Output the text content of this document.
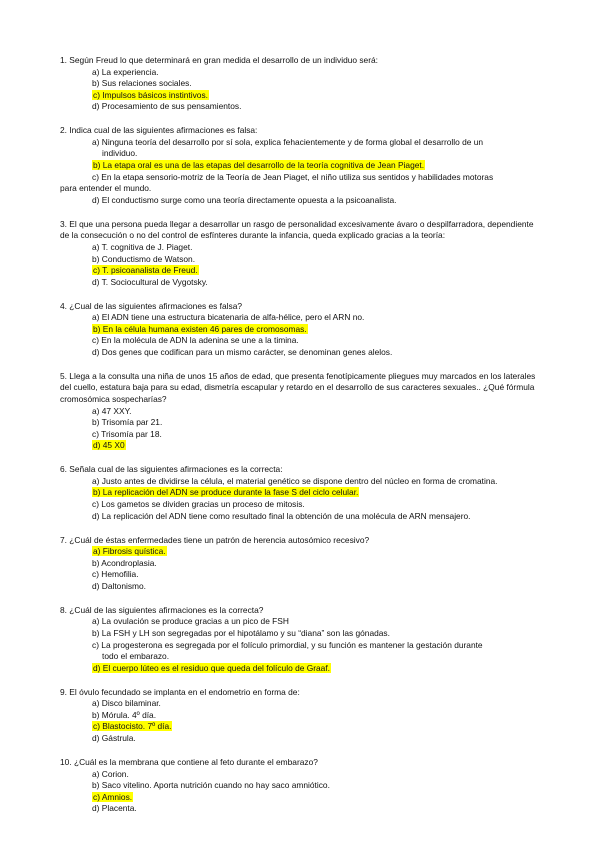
1. Según Freud lo que determinará en gran medida el desarrollo de un individuo será:

a) La experiencia.

b) Sus relaciones sociales.

c) Impulsos básicos instintivos.

d) Procesamiento de sus pensamientos.

2. Indica cual de las siguientes afirmaciones es falsa:

a) Ninguna teoría del desarrollo por sí sola, explica fehacientemente y de forma global el desarrollo de un

individuo.

b) La etapa oral es una de las etapas del desarrollo de la teoría cognitiva de Jean Piaget.

c) En la etapa sensorio-motriz de la Teoría de Jean Piaget, el niño utiliza sus sentidos y habilidades motoras

para entender el mundo.

d) El conductismo surge como una teoría directamente opuesta a la psicoanalista.

3. El que una persona pueda llegar a desarrollar un rasgo de personalidad excesivamente ávaro o despilfarradora, dependiente de la consecución o no del control de esfínteres durante la infancia, queda explicado gracias a la teoría:

a) T. cognitiva de J. Piaget.

b) Conductismo de Watson.

c) T. psicoanalista de Freud.

d) T. Sociocultural de Vygotsky.

4. ¿Cual de las siguientes afirmaciones es falsa?

a) El ADN tiene una estructura bicatenaria de alfa-hélice, pero el ARN no.

b) En la célula humana existen 46 pares de cromosomas.

c) En la molécula de ADN la adenina se une a la timina.

d) Dos genes que codifican para un mismo carácter, se denominan genes alelos.

5. Llega a la consulta una niña de unos 15 años de edad, que presenta fenotípicamente pliegues muy marcados en los laterales del cuello, estatura baja para su edad, dismetría escapular y retardo en el desarrollo de sus caracteres sexuales.. ¿Qué fórmula cromosómica sospecharías?

a) 47 XXY.

b) Trisomía par 21.

c) Trisomía par 18.

d) 45 X0

6. Señala cual de las siguientes afirmaciones es la correcta:

a) Justo antes de dividirse la célula, el material genético se dispone dentro del núcleo en forma de cromatina.

b) La replicación del ADN se produce durante la fase S del ciclo celular.

c) Los gametos se dividen gracias un proceso de mitosis.

d) La replicación del ADN tiene como resultado final la obtención de una molécula de ARN mensajero.

7. ¿Cuál de éstas enfermedades tiene un patrón de herencia autosómico recesivo?

a) Fibrosis quística.

b) Acondroplasia.

c) Hemofilia.

d) Daltonismo.

8. ¿Cuál de las siguientes afirmaciones es la correcta?

a) La ovulación se produce gracias a un pico de FSH

b) La FSH y LH son segregadas por el hipotálamo y su “diana” son las gónadas.

c) La progesterona es segregada por el folículo primordial, y su función es mantener la gestación durante

todo el embarazo.

d) El cuerpo lúteo es el residuo que queda del folículo de Graaf.

9. El óvulo fecundado se implanta en el endometrio en forma de:

a) Disco bilaminar.

b) Mórula. 4º día.

c) Blastocisto. 7º día.

d) Gástrula.

10. ¿Cuál es la membrana que contiene al feto durante el embarazo?

a) Corion.

b) Saco vitelino. Aporta nutrición cuando no hay saco amniótico.

c) Amnios.

d) Placenta.
